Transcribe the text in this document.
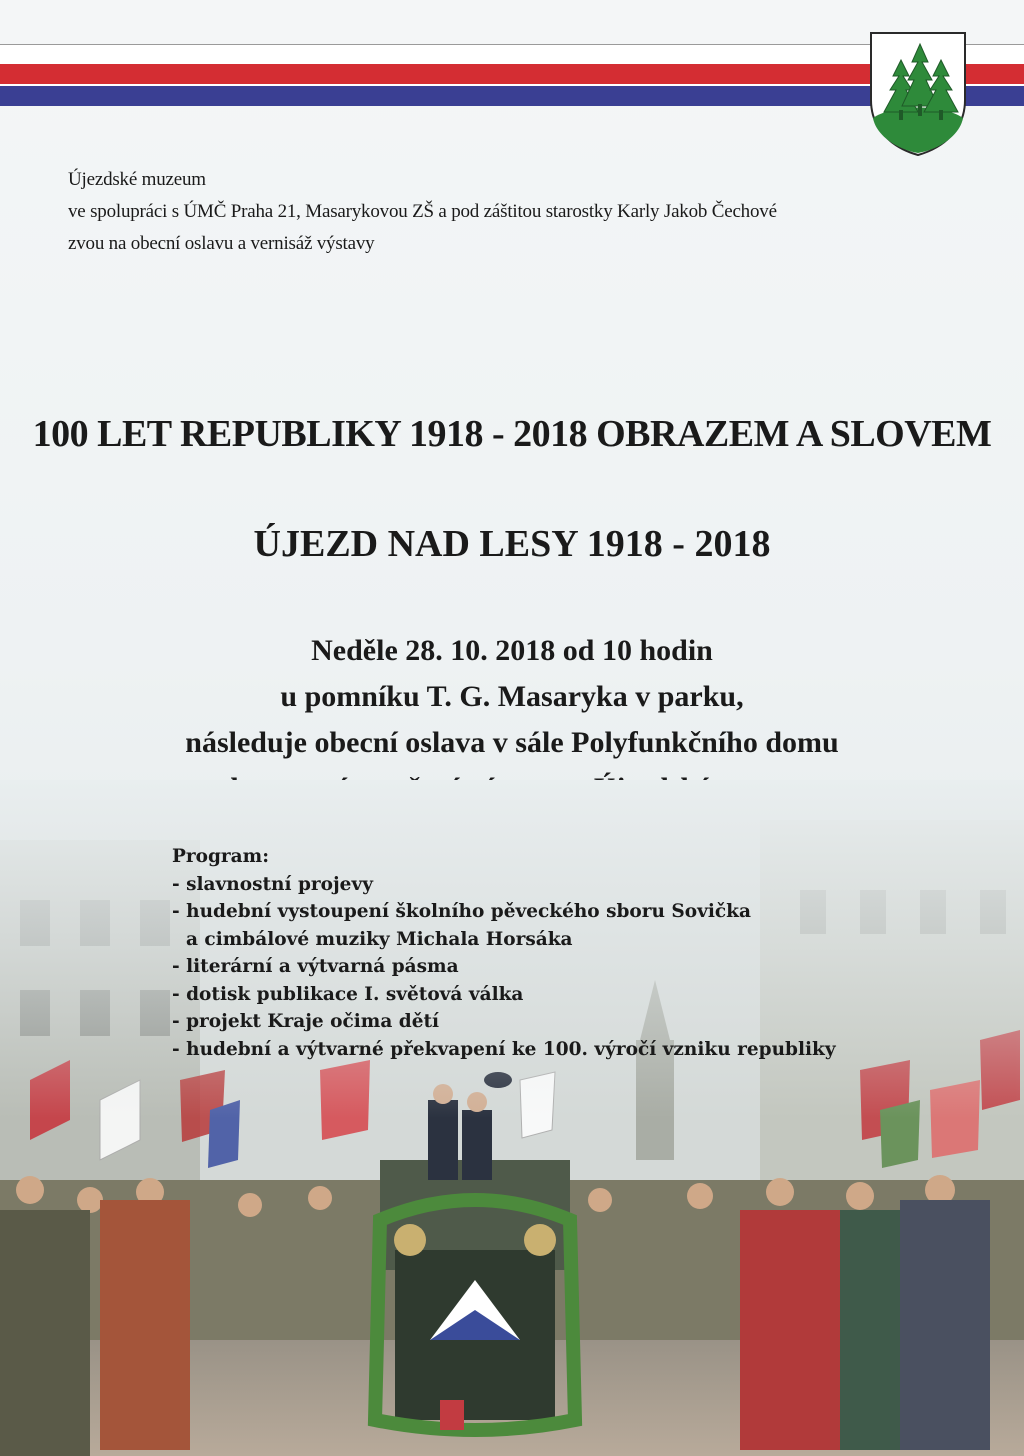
Újezdské muzeum
ve spolupráci s ÚMČ Praha 21, Masarykovou ZŠ a pod záštitou starostky Karly Jakob Čechové
zvou na obecní oslavu a vernisáž výstavy
100 LET REPUBLIKY 1918 - 2018 OBRAZEM A SLOVEM
ÚJEZD NAD LESY 1918 - 2018
Neděle 28. 10. 2018 od 10 hodin
u pomníku T. G. Masaryka v parku,
následuje obecní oslava v sále Polyfunkčního domu
Program:
- slavnostní projevy
- hudební vystoupení školního pěveckého sboru Sovička
a cimbálové muziky Michala Horsáka
- literární a výtvarná pásma
- dotisk publikace I. světová válka
- projekt Kraje očima dětí
- hudební a výtvarné překvapení ke 100. výročí vzniku republiky
